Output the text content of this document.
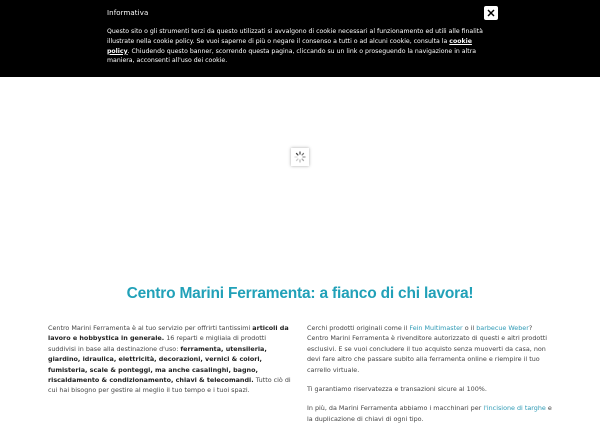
Informativa
Questo sito o gli strumenti terzi da questo utilizzati si avvalgono di cookie necessari al funzionamento ed utili alle finalità illustrate nella cookie policy. Se vuoi saperne di più o negare il consenso a tutti o ad alcuni cookie, consulta la cookie policy. Chiudendo questo banner, scorrendo questa pagina, cliccando su un link o proseguendo la navigazione in altra maniera, acconsenti all'uso dei cookie.
Centro Marini Ferramenta: a fianco di chi lavora!

Centro Marini Ferramenta è al tuo servizio per offrirti tantissimi articoli da lavoro e hobbystica in generale. 16 reparti e migliaia di prodotti suddivisi in base alla destinazione d'uso: ferramenta, utensileria, giardino, idraulica, elettricità, decorazioni, vernici & colori, fumisteria, scale & ponteggi, ma anche casalinghi, bagno, riscaldamento & condizionamento, chiavi & telecomandi. Tutto ciò di cui hai bisogno per gestire al meglio il tuo tempo e i tuoi spazi.

Cerchi prodotti originali come il Fein Multimaster o il barbecue Weber? Centro Marini Ferramenta è rivenditore autorizzato di questi e altri prodotti esclusivi. E se vuoi concludere il tuo acquisto senza muoverti da casa, non devi fare altro che passare subito alla ferramenta online e riempire il tuo carrello virtuale.

Ti garantiamo riservatezza e transazioni sicure al 100%.

In più, da Marini Ferramenta abbiamo i macchinari per l'incisione di targhe e la duplicazione di chiavi di ogni tipo.
